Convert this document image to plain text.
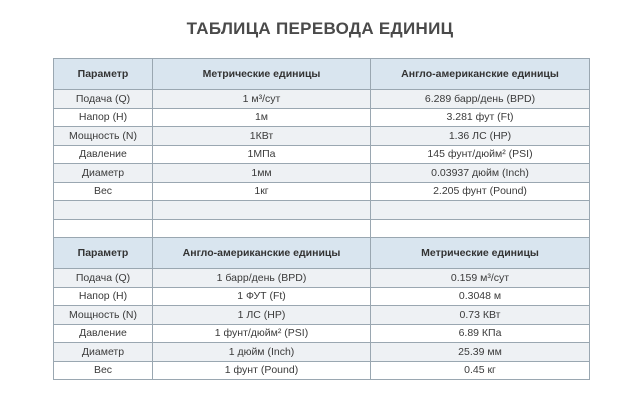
ТАБЛИЦА ПЕРЕВОДА ЕДИНИЦ
Параметр	Метрические единицы	Англо-американские единицы
Подача (Q)	1 м³/сут	6.289 барр/день (BPD)
Напор (H)	1м	3.281 фут (Ft)
Мощность (N)	1КВт	1.36 ЛС (HP)
Давление	1МПа	145 фунт/дюйм² (PSI)
Диаметр	1мм	0.03937 дюйм (Inch)
Вес	1кг	2.205 фунт (Pound)

Параметр	Англо-американские единицы	Метрические единицы
Подача (Q)	1 барр/день (BPD)	0.159 м³/сут
Напор (H)	1 ФУТ (Ft)	0.3048 м
Мощность (N)	1 ЛС (HP)	0.73 КВт
Давление	1 фунт/дюйм² (PSI)	6.89 КПа
Диаметр	1 дюйм (Inch)	25.39 мм
Вес	1 фунт (Pound)	0.45 кг
